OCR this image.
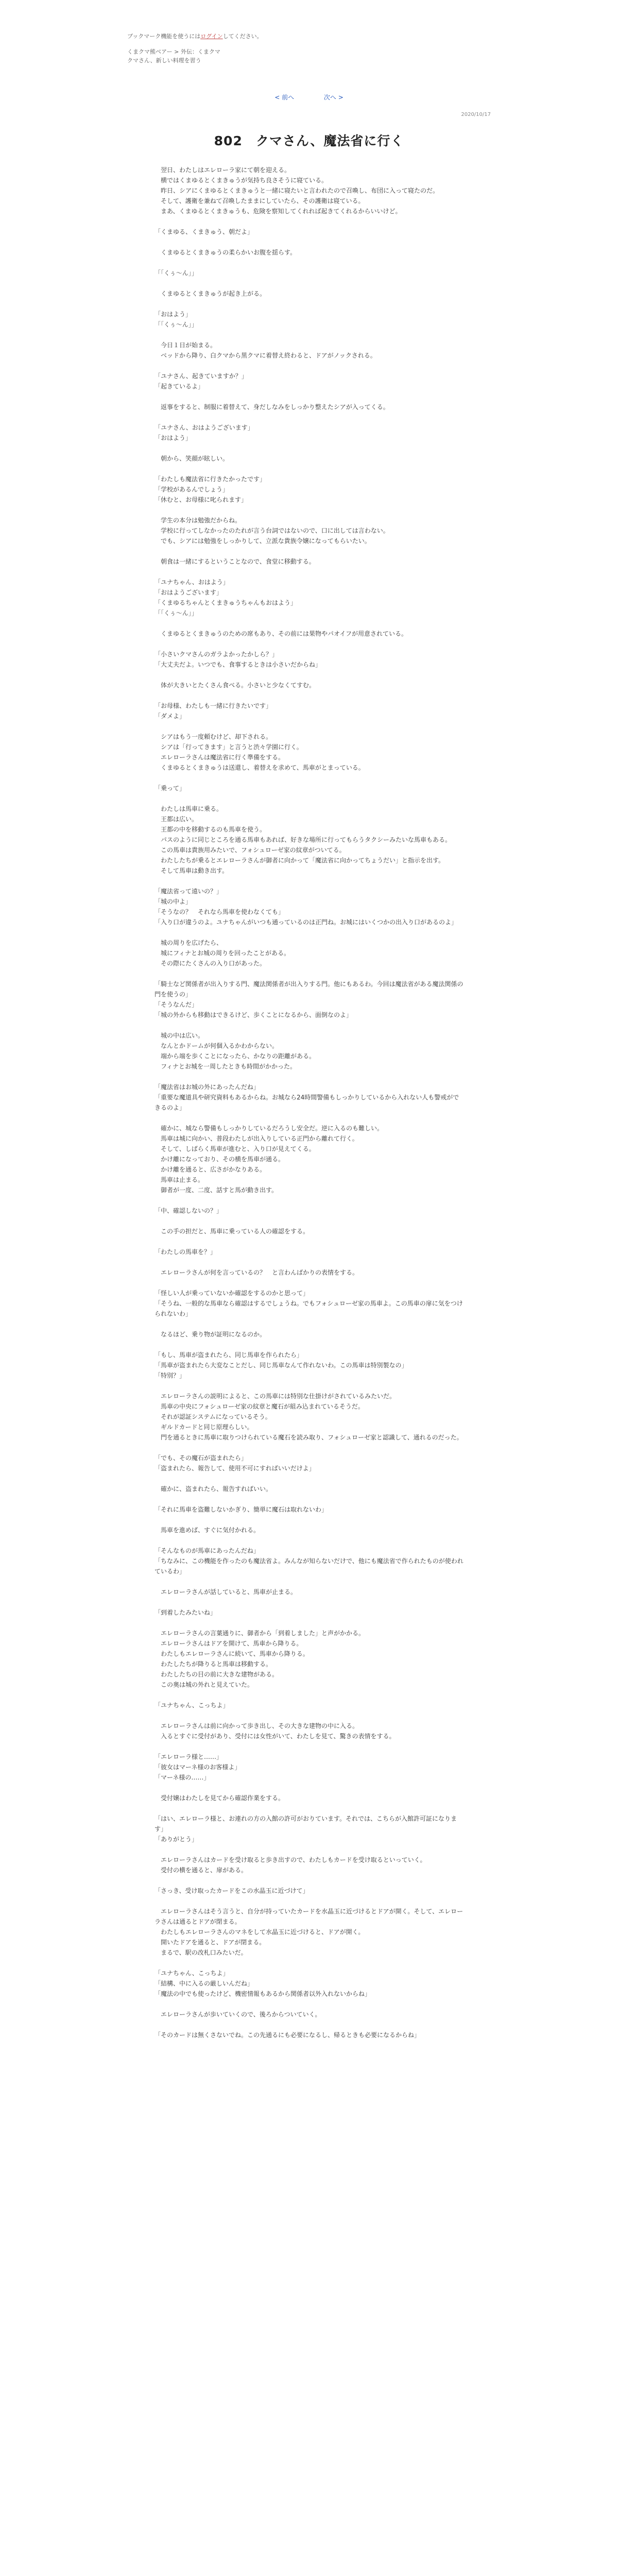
ブックマーク機能を使うにはログインしてください。
くまクマ熊ベアー > 外伝：くまクマ
クマさん、新しい料理を習う
< 前へ	次へ >
2020/10/17
802　クマさん、魔法省に行く

　翌日、わたしはエレローラ家にて朝を迎える。

　横ではくまゆるとくまきゅうが気持ち良さそうに寝ている。

　昨日、シアにくまゆるとくまきゅうと一緒に寝たいと言われたので召喚し、布団に入って寝たのだ。

　そして、護衛を兼ねて召喚したままにしていたら、その護衛は寝ている。

　まあ、くまゆるとくまきゅうも、危険を察知してくれれば起きてくれるからいいけど。

「くまゆる、くまきゅう、朝だよ」

　くまゆるとくまきゅうの柔らかいお腹を揺らす。

「「くぅ〜ん」」

　くまゆるとくまきゅうが起き上がる。

「おはよう」

「「くぅ〜ん」」

　今日１日が始まる。

　ベッドから降り、白クマから黒クマに着替え終わると、ドアがノックされる。

「ユナさん、起きていますか？」

「起きているよ」

　返事をすると、制服に着替えて、身だしなみをしっかり整えたシアが入ってくる。

「ユナさん、おはようございます」

「おはよう」

　朝から、笑顔が眩しい。

「わたしも魔法省に行きたかったです」

「学校があるんでしょう」

「休むと、お母様に叱られます」

　学生の本分は勉強だからね。

　学校に行ってしなかったのたれが言う台詞ではないので、口に出しては言わない。

　でも、シアには勉強をしっかりして、立派な貴族令嬢になってもらいたい。

　朝食は一緒にするということなので、食堂に移動する。

「ユナちゃん、おはよう」

「おはようございます」

「くまゆるちゃんとくまきゅうちゃんもおはよう」

「「くぅ〜ん」」

　くまゆるとくまきゅうのための席もあり、その前には果物やパオイフが用意されている。

「小さいクマさんのガラよかったかしら？」

「大丈夫だよ。いつでも、食事するときは小さいだからね」

　体が大きいとたくさん食べる。小さいと少なくてすむ。

「お母様、わたしも一緒に行きたいです」

「ダメよ」

　シアはもう一度頼むけど、却下される。

　シアは「行ってきます」と言うと渋々学園に行く。

　エレローラさんは魔法省に行く準備をする。

　くまゆるとくまきゅうは送還し、着替えを求めて、馬車がとまっている。

「乗って」

　わたしは馬車に乗る。

　王都は広い。

　王都の中を移動するのも馬車を使う。

　パスのように同じところを通る馬車もあれば、好きな場所に行ってもらうタクシーみたいな馬車もある。

　この馬車は貴族用みたいで、フォシュローゼ家の紋章がついてる。

　わたしたちが乗るとエレローラさんが御者に向かって「魔法省に向かってちょうだい」と指示を出す。

　そして馬車は動き出す。

「魔法省って遠いの？」

「城の中よ」

「そうなの？　それなら馬車を使わなくても」

「入り口が違うのよ。ユナちゃんがいつも通っているのは正門ね。お城にはいくつかの出入り口があるのよ」

　城の周りを広げたら、

　城にフィナとお城の周りを回ったことがある。

　その際にたくさんの入り口があった。

「騎士など関係者が出入りする門、魔法関係者が出入りする門。他にもあるわ。今回は魔法省がある魔法関係の門を使うの」

「そうなんだ」

「城の外からも移動はできるけど、歩くことになるから、面倒なのよ」

　城の中は広い。

　なんとかドームが何個入るかわからない。

　端から端を歩くことになったら、かなりの距離がある。

　フィナとお城を一周したときも時間がかかった。

「魔法省はお城の外にあったんだね」

「重要な魔道具や研究資料もあるからね。お城なら24時間警備もしっかりしているから入れない人も警戒ができるのよ」

　確かに、城なら警備もしっかりしているだろうし安全だ。逆に入るのも難しい。

　馬車は城に向かい、普段わたしが出入りしている正門から離れて行く。

　そして、しばらく馬車が進むと、入り口が見えてくる。

　かけ離になっており、その横を馬車が通る。

　かけ離を通ると、広さがかなりある。

　馬車は止まる。

　御者が一度、二度、話すと馬が動き出す。

「中、確認しないの？」

　この手の担だと、馬車に乗っている人の確認をする。

「わたしの馬車を？」

　エレローラさんが何を言っているの？　と言わんばかりの表情をする。

「怪しい人が乗っていないか確認をするのかと思って」

「そうね、一般的な馬車なら確認はするでしょうね。でもフォシュローゼ家の馬車よ。この馬車の扉に気をつけられないわ」

　なるほど、乗り物が証明になるのか。

「もし、馬車が盗まれたら、同じ馬車を作られたら」

「馬車が盗まれたら大変なことだし、同じ馬車なんて作れないわ。この馬車は特別製なの」

「特別？」

　エレローラさんの説明によると、この馬車には特別な仕掛けがされているみたいだ。

　馬車の中央にフォシュローゼ家の紋章と魔石が組み込まれているそうだ。

　それが認証システムになっているそう。

　ギルドカードと同じ原理らしい。

　門を通るときに馬車に取りつけられている魔石を読み取り、フォシュローゼ家と認識して、通れるのだった。

「でも、その魔石が盗まれたら」

「盗まれたら、報告して、使用不可にすればいいだけよ」

　確かに、盗まれたら、報告すればいい。

「それに馬車を盗難しないかぎり、簡単に魔石は取れないわ」

　馬車を進めば、すぐに気付かれる。

「そんなものが馬車にあったんだね」

「ちなみに、この機能を作ったのも魔法省よ。みんなが知らないだけで、他にも魔法省で作られたものが使われているわ」

　エレローラさんが話していると、馬車が止まる。

「到着したみたいね」

　エレローラさんの言葉通りに、御者から「到着しました」と声がかかる。

　エレローラさんはドアを開けて、馬車から降りる。

　わたしもエレローラさんに続いて、馬車から降りる。

　わたしたちが降りると馬車は移動する。

　わたしたちの目の前に大きな建物がある。

　この奥は城の外れと見えていた。

「ユナちゃん、こっちよ」

　エレローラさんは前に向かって歩き出し、その大きな建物の中に入る。

　入るとすぐに受付があり、受付には女性がいて、わたしを見て、驚きの表情をする。

「エレローラ様と……」

「彼女はマーネ様のお客様よ」

「マーネ様の……」

　受付嬢はわたしを見てから確認作業をする。

「はい、エレローラ様と、お連れの方の入館の許可がおりています。それでは、こちらが入館許可証になります」

「ありがとう」

　エレローラさんはカードを受け取ると歩き出すので、わたしもカードを受け取るといっていく。

　受付の横を通ると、扉がある。

「さっき、受け取ったカードをこの水晶玉に近づけて」

　エレローラさんはそう言うと、自分が持っていたカードを水晶玉に近づけるとドアが開く。そして、エレローラさんは通るとドアが閉まる。

　わたしもエレローラさんのマネをして水晶玉に近づけると、ドアが開く。

　開いたドアを通ると、ドアが閉まる。

　まるで、駅の改札口みたいだ。

「ユナちゃん、こっちよ」

「結構、中に入るの厳しいんだね」

「魔法の中でも使ったけど、機密情報もあるから関係者以外入れないからね」

　エレローラさんが歩いていくので、後ろからついていく。

「そのカードは無くさないでね。この先通るにも必要になるし、帰るときも必要になるからね」
